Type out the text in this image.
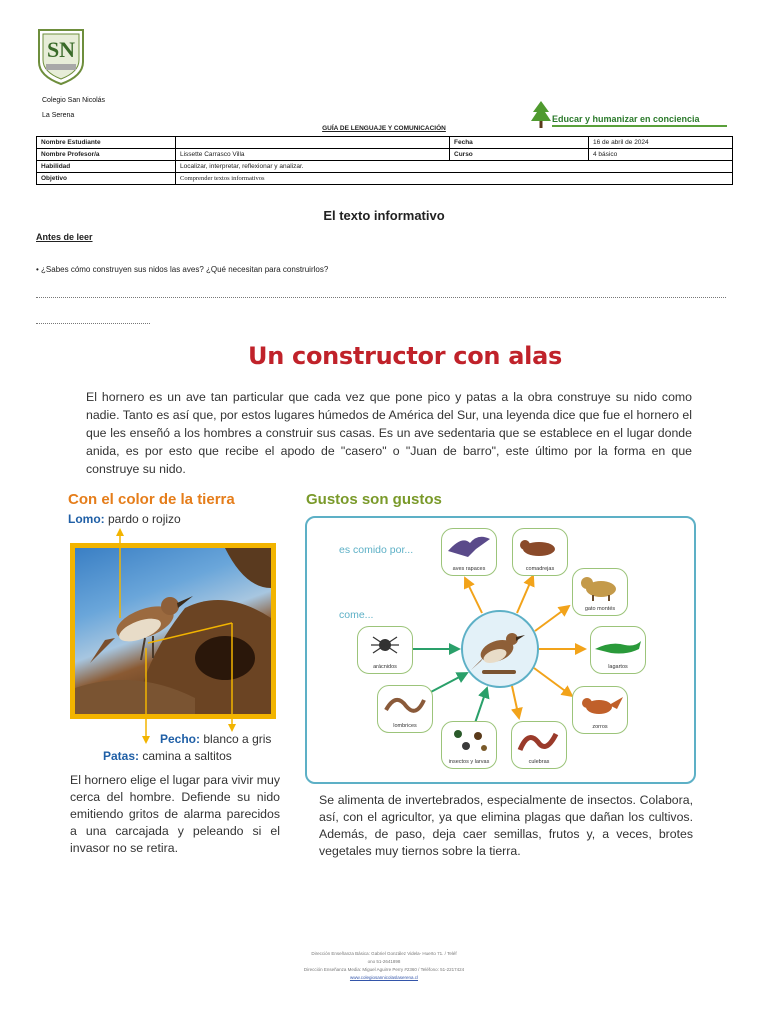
SN
Colegio San Nicolás
La Serena	Educar y humanizar en conciencia
GUÍA DE LENGUAJE Y COMUNICACIÓN
Nombre Estudiante		Fecha	16 de abril de 2024
Nombre Profesor/a	Lissette Carrasco Villa	Curso	4 básico
Habilidad	Localizar, interpretar, reflexionar y analizar.		
Objetivo	Comprender textos informativos		
El texto informativo
Antes de leer
• ¿Sabes cómo construyen sus nidos las aves? ¿Qué necesitan para construirlos?
Un constructor con alas
El hornero es un ave tan particular que cada vez que pone pico y patas a la obra construye su nido como nadie. Tanto es así que, por estos lugares húmedos de América del Sur, una leyenda dice que fue el hornero el que les enseñó a los hombres a construir sus casas. Es un ave sedentaria que se establece en el lugar donde anida, es por esto que recibe el apodo de "casero" o "Juan de barro", este último por la forma en que construye su nido.
Con el color de la tierra
Lomo: pardo o rojizo
Pecho: blanco a gris
Patas: camina a saltitos
El hornero elige el lugar para vivir muy cerca del hombre. Defiende su nido emitiendo gritos de alarma parecidos a una carcajada y peleando si el invasor no se retira.
Gustos son gustos
es comido por...
come...
aves rapaces	comadrejas
gato montés
lagartos
zorros
culebras
arácnidos
lombrices
insectos y larvas
Se alimenta de invertebrados, especialmente de insectos. Colabora, así, con el agricultor, ya que elimina plagas que dañan los cultivos. Además, de paso, deja caer semillas, frutos y, a veces, brotes vegetales muy tiernos sobre la tierra.
Dirección Enseñanza Básica: Gabriel González Videla- Huerto 71. / Teléf
ono 51-2641898
Dirección Enseñanza Media: Miguel Aguirre Perry #2360 / Teléfono: 51-2217424
www.colegiosannicolaslaserena.cl
